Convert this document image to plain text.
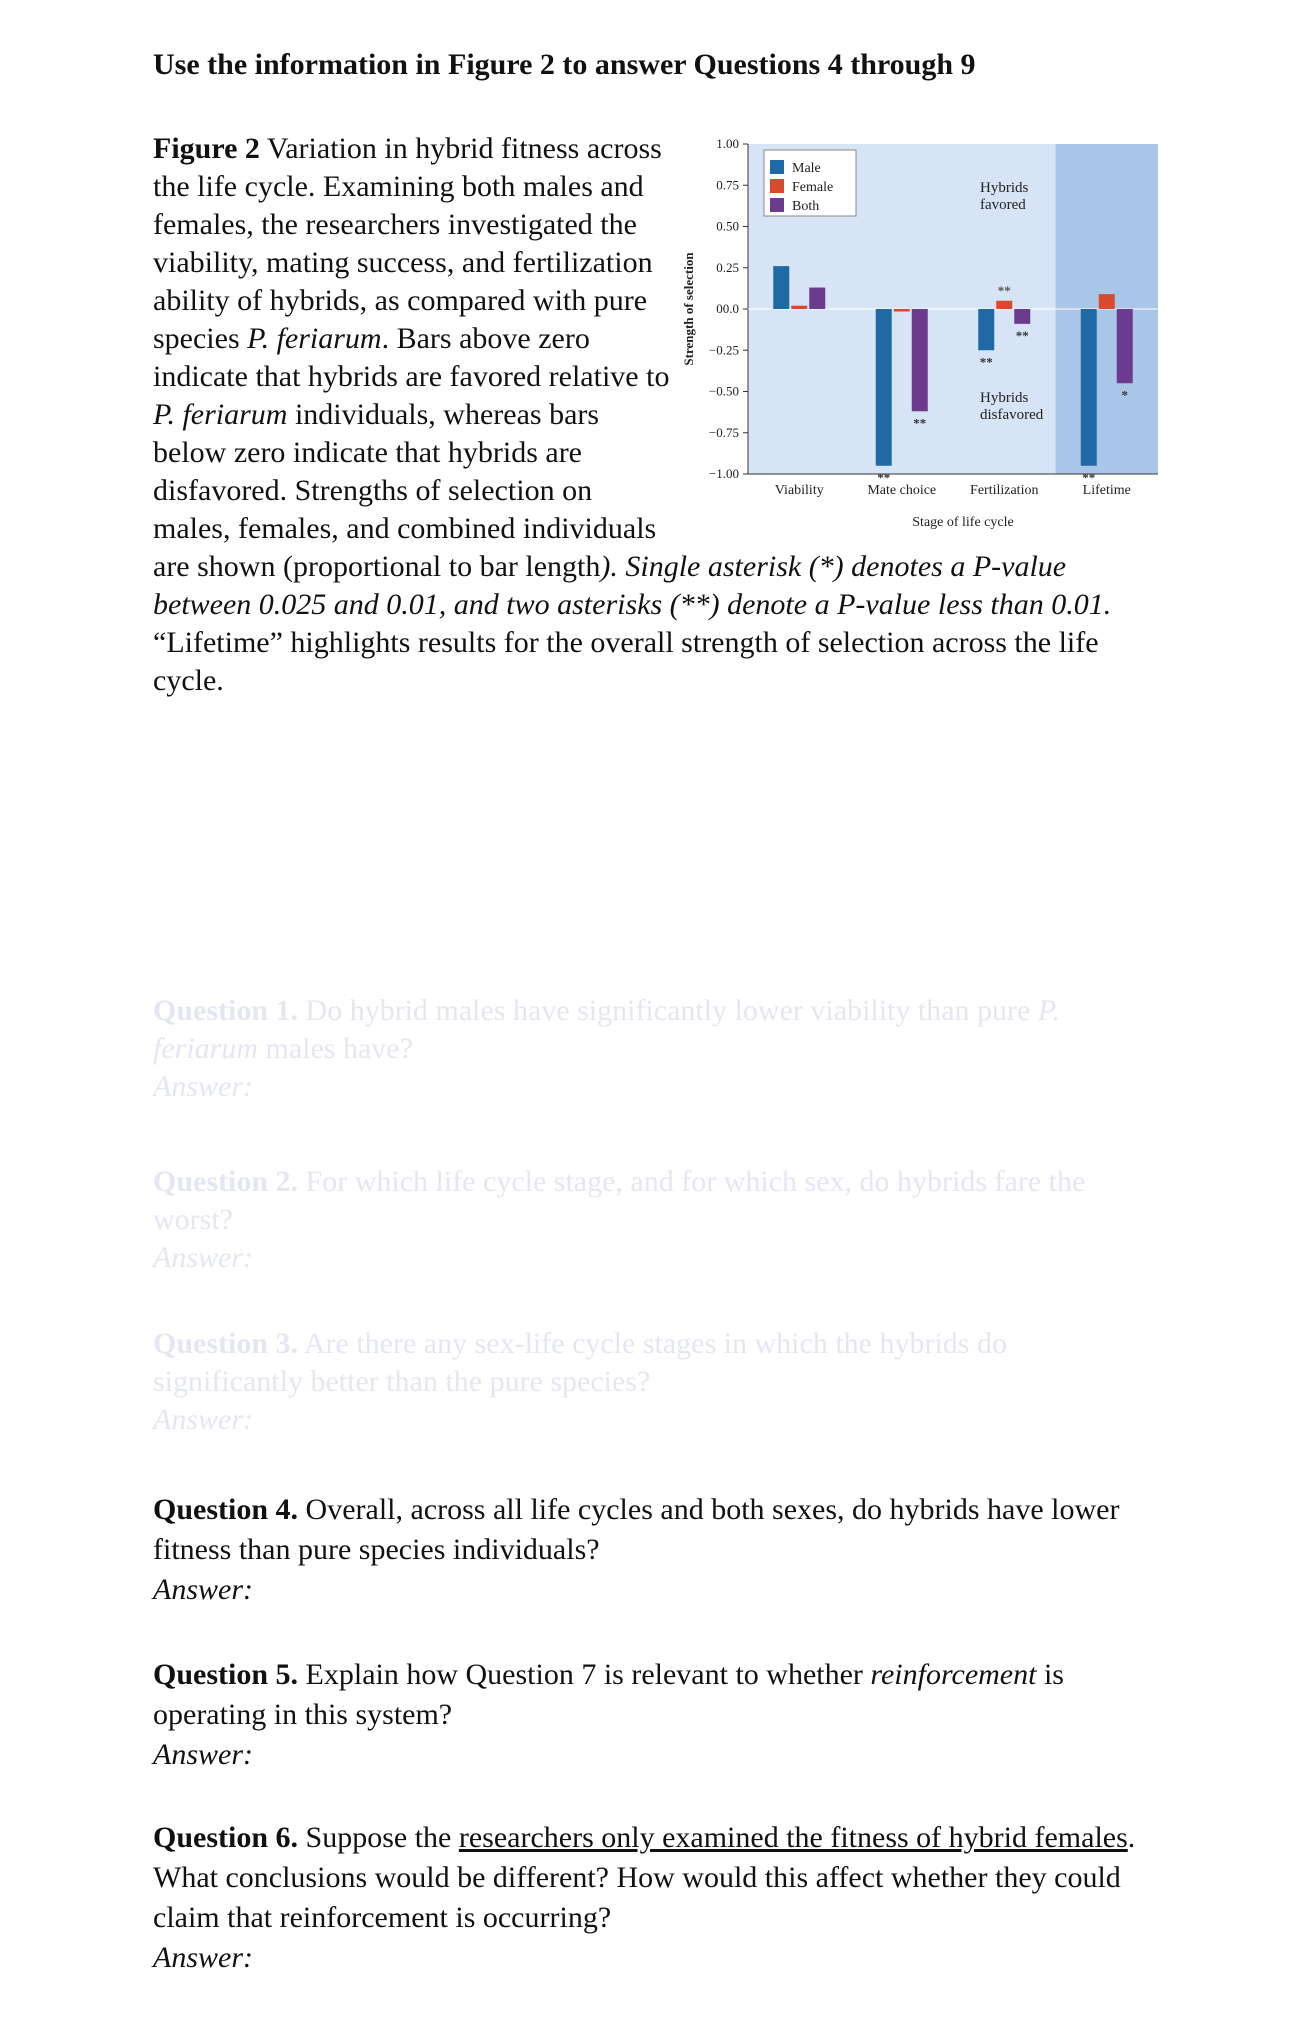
Use the information in Figure 2 to answer Questions 4 through 9
1.00
0.75
0.50
0.25
00.0
−0.25
−0.50
−0.75
−1.00
Strength of selection
Viability
**
**
Mate choice
**
**
**
Fertilization
**
*
Lifetime
Stage of life cycle
Male
Female
Both
Hybrids
favored
Hybrids
disfavored
Figure 2 Variation in hybrid fitness across the life cycle. Examining both males and females, the researchers investigated the viability, mating success, and fertilization ability of hybrids, as compared with pure species P. feriarum. Bars above zero indicate that hybrids are favored relative to P. feriarum individuals, whereas bars below zero indicate that hybrids are disfavored. Strengths of selection on males, females, and combined individuals are shown (proportional to bar length). Single asterisk (*) denotes a P-value between 0.025 and 0.01, and two asterisks (**) denote a P-value less than 0.01.
“Lifetime” highlights results for the overall strength of selection across the life cycle.
Question 1. Do hybrid males have significantly lower viability than pure P. feriarum males have?
Answer:
Question 2. For which life cycle stage, and for which sex, do hybrids fare the worst?
Answer:
Question 3. Are there any sex-life cycle stages in which the hybrids do significantly better than the pure species?
Answer:
Question 4. Overall, across all life cycles and both sexes, do hybrids have lower fitness than pure species individuals?
Answer:
Question 5. Explain how Question 7 is relevant to whether reinforcement is operating in this system?
Answer:
Question 6. Suppose the researchers only examined the fitness of hybrid females. What conclusions would be different? How would this affect whether they could claim that reinforcement is occurring?
Answer:
